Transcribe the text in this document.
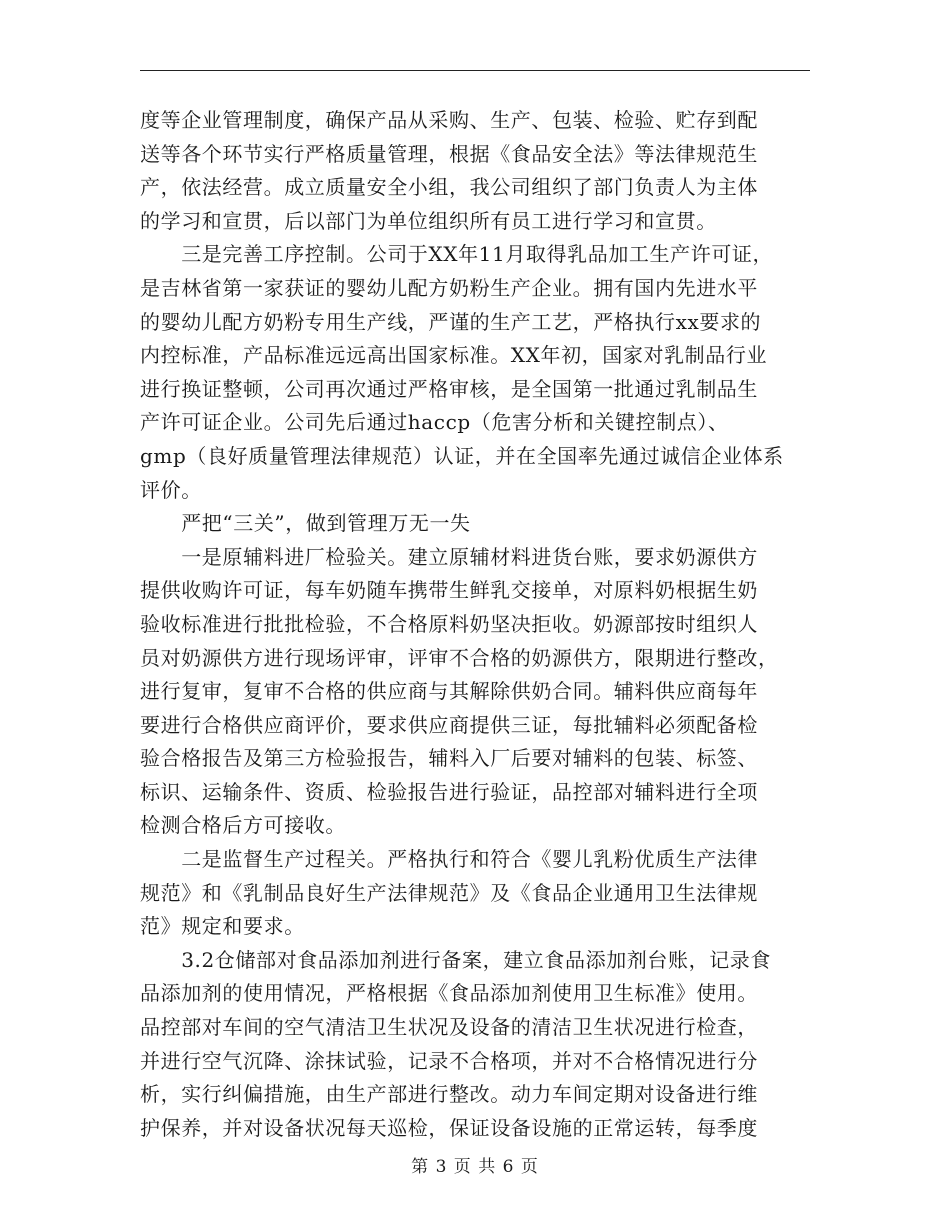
度等企业管理制度，确保产品从采购、生产、包装、检验、贮存到配
送等各个环节实行严格质量管理，根据《食品安全法》等法律规范生
产，依法经营。成立质量安全小组，我公司组织了部门负责人为主体
的学习和宣贯，后以部门为单位组织所有员工进行学习和宣贯。
　　三是完善工序控制。公司于XX年11月取得乳品加工生产许可证，
是吉林省第一家获证的婴幼儿配方奶粉生产企业。拥有国内先进水平
的婴幼儿配方奶粉专用生产线，严谨的生产工艺，严格执行xx要求的
内控标准，产品标准远远高出国家标准。XX年初，国家对乳制品行业
进行换证整顿，公司再次通过严格审核，是全国第一批通过乳制品生
产许可证企业。公司先后通过haccp（危害分析和关键控制点）、
gmp（良好质量管理法律规范）认证，并在全国率先通过诚信企业体系
评价。
　　严把“三关”，做到管理万无一失
　　一是原辅料进厂检验关。建立原辅材料进货台账，要求奶源供方
提供收购许可证，每车奶随车携带生鲜乳交接单，对原料奶根据生奶
验收标准进行批批检验，不合格原料奶坚决拒收。奶源部按时组织人
员对奶源供方进行现场评审，评审不合格的奶源供方，限期进行整改，
进行复审，复审不合格的供应商与其解除供奶合同。辅料供应商每年
要进行合格供应商评价，要求供应商提供三证，每批辅料必须配备检
验合格报告及第三方检验报告，辅料入厂后要对辅料的包装、标签、
标识、运输条件、资质、检验报告进行验证，品控部对辅料进行全项
检测合格后方可接收。
　　二是监督生产过程关。严格执行和符合《婴儿乳粉优质生产法律
规范》和《乳制品良好生产法律规范》及《食品企业通用卫生法律规
范》规定和要求。
　　3.2仓储部对食品添加剂进行备案，建立食品添加剂台账，记录食
品添加剂的使用情况，严格根据《食品添加剂使用卫生标准》使用。
品控部对车间的空气清洁卫生状况及设备的清洁卫生状况进行检查，
并进行空气沉降、涂抹试验，记录不合格项，并对不合格情况进行分
析，实行纠偏措施，由生产部进行整改。动力车间定期对设备进行维
护保养，并对设备状况每天巡检，保证设备设施的正常运转，每季度
第 3 页 共 6 页
